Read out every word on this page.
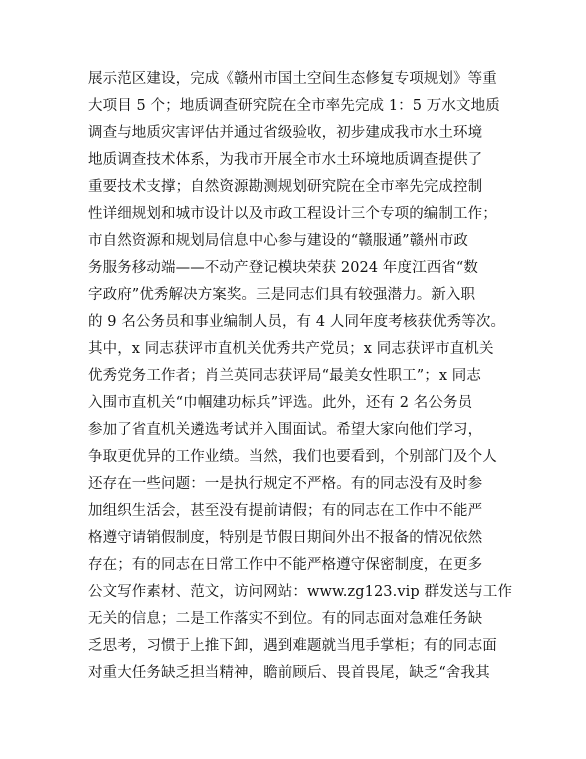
展示范区建设，完成《赣州市国土空间生态修复专项规划》等重
大项目 5 个；地质调查研究院在全市率先完成 1：5 万水文地质
调查与地质灾害评估并通过省级验收，初步建成我市水土环境
地质调查技术体系，为我市开展全市水土环境地质调查提供了
重要技术支撑；自然资源勘测规划研究院在全市率先完成控制
性详细规划和城市设计以及市政工程设计三个专项的编制工作；
市自然资源和规划局信息中心参与建设的“赣服通”赣州市政
务服务移动端——不动产登记模块荣获 2024 年度江西省“数
字政府”优秀解决方案奖。三是同志们具有较强潜力。新入职
的 9 名公务员和事业编制人员，有 4 人同年度考核获优秀等次。
其中，x 同志获评市直机关优秀共产党员；x 同志获评市直机关
优秀党务工作者；肖兰英同志获评局“最美女性职工”；x 同志
入围市直机关“巾帼建功标兵”评选。此外，还有 2 名公务员
参加了省直机关遴选考试并入围面试。希望大家向他们学习，
争取更优异的工作业绩。当然，我们也要看到，个别部门及个人
还存在一些问题：一是执行规定不严格。有的同志没有及时参
加组织生活会，甚至没有提前请假；有的同志在工作中不能严
格遵守请销假制度，特别是节假日期间外出不报备的情况依然
存在；有的同志在日常工作中不能严格遵守保密制度，在更多
公文写作素材、范文，访问网站：www.zg123.vip 群发送与工作
无关的信息；二是工作落实不到位。有的同志面对急难任务缺
乏思考，习惯于上推下卸，遇到难题就当甩手掌柜；有的同志面
对重大任务缺乏担当精神，瞻前顾后、畏首畏尾，缺乏“舍我其
